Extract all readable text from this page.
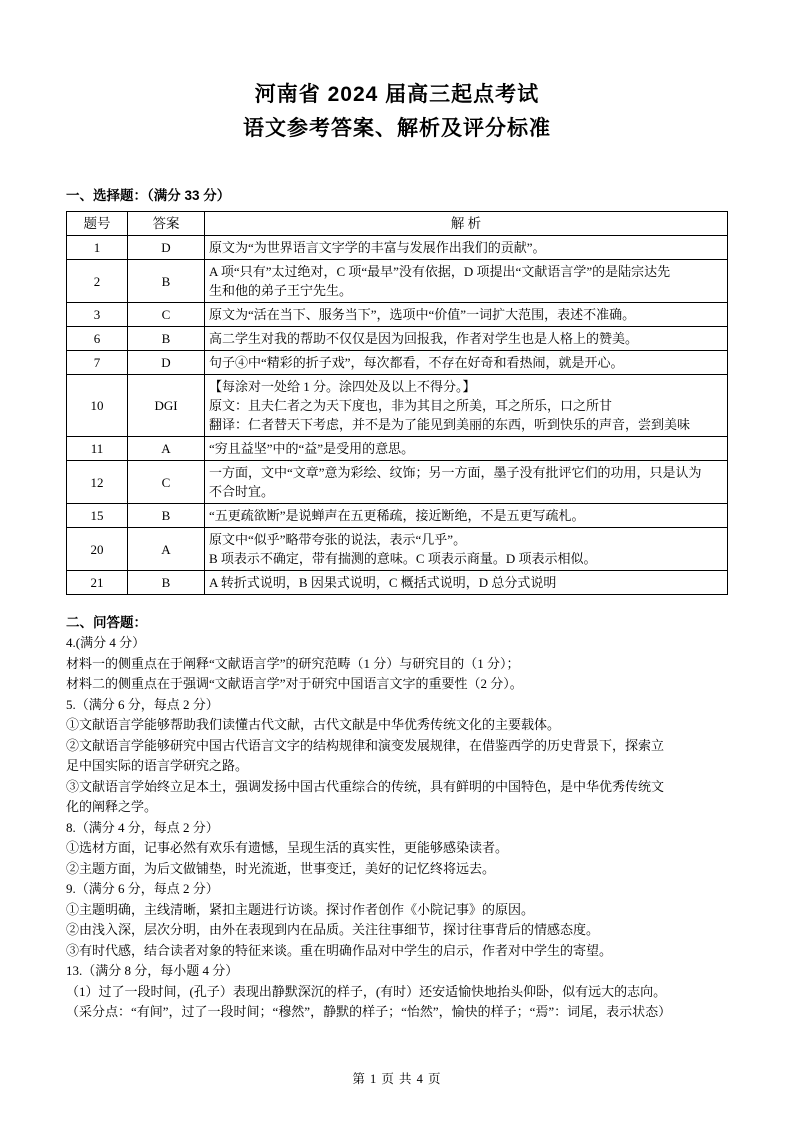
河南省 2024 届高三起点考试
语文参考答案、解析及评分标准
一、选择题：（满分 33 分）
题号	答案	解 析
1	D	原文为“为世界语言文字学的丰富与发展作出我们的贡献”。

2	B	A 项“只有”太过绝对，C 项“最早”没有依据，D 项提出“文献语言学”的是陆宗达先
生和他的弟子王宁先生。

3	C	原文为“活在当下、服务当下”，选项中“价值”一词扩大范围，表述不准确。

6	B	高二学生对我的帮助不仅仅是因为回报我，作者对学生也是人格上的赞美。

7	D	句子④中“精彩的折子戏”，每次都看，不存在好奇和看热闹，就是开心。

10	DGI	【每涂对一处给 1 分。涂四处及以上不得分。】
原文：且夫仁者之为天下度也，非为其目之所美，耳之所乐，口之所甘
翻译：仁者替天下考虑，并不是为了能见到美丽的东西，听到快乐的声音，尝到美味

11	A	“穷且益坚”中的“益”是受用的意思。

12	C	一方面，文中“文章”意为彩绘、纹饰；另一方面，墨子没有批评它们的功用，只是认为
不合时宜。

15	B	“五更疏欲断”是说蝉声在五更稀疏，接近断绝，不是五更写疏札。

20	A	原文中“似乎”略带夸张的说法，表示“几乎”。
B 项表示不确定，带有揣测的意味。C 项表示商量。D 项表示相似。

21	B	A 转折式说明，B 因果式说明，C 概括式说明，D 总分式说明
二、问答题：

4.(满分 4 分）

材料一的侧重点在于阐释“文献语言学”的研究范畴（1 分）与研究目的（1 分）；

材料二的侧重点在于强调“文献语言学”对于研究中国语言文字的重要性（2 分）。

5.（满分 6 分，每点 2 分）

①文献语言学能够帮助我们读懂古代文献，古代文献是中华优秀传统文化的主要载体。

②文献语言学能够研究中国古代语言文字的结构规律和演变发展规律，在借鉴西学的历史背景下，探索立

足中国实际的语言学研究之路。

③文献语言学始终立足本土，强调发扬中国古代重综合的传统，具有鲜明的中国特色，是中华优秀传统文

化的阐释之学。

8.（满分 4 分，每点 2 分）

①选材方面，记事必然有欢乐有遗憾，呈现生活的真实性，更能够感染读者。

②主题方面，为后文做铺垫，时光流逝，世事变迁，美好的记忆终将远去。

9.（满分 6 分，每点 2 分）

①主题明确，主线清晰，紧扣主题进行访谈。探讨作者创作《小院记事》的原因。

②由浅入深，层次分明，由外在表现到内在品质。关注往事细节，探讨往事背后的情感态度。

③有时代感，结合读者对象的特征来谈。重在明确作品对中学生的启示，作者对中学生的寄望。

13.（满分 8 分，每小题 4 分）

（1）过了一段时间，(孔子）表现出静默深沉的样子，(有时）还安适愉快地抬头仰卧，似有远大的志向。

（采分点：“有间”，过了一段时间；“穆然”，静默的样子；“怡然”，愉快的样子；“焉”：词尾，表示状态）

第 1 页 共 4 页
